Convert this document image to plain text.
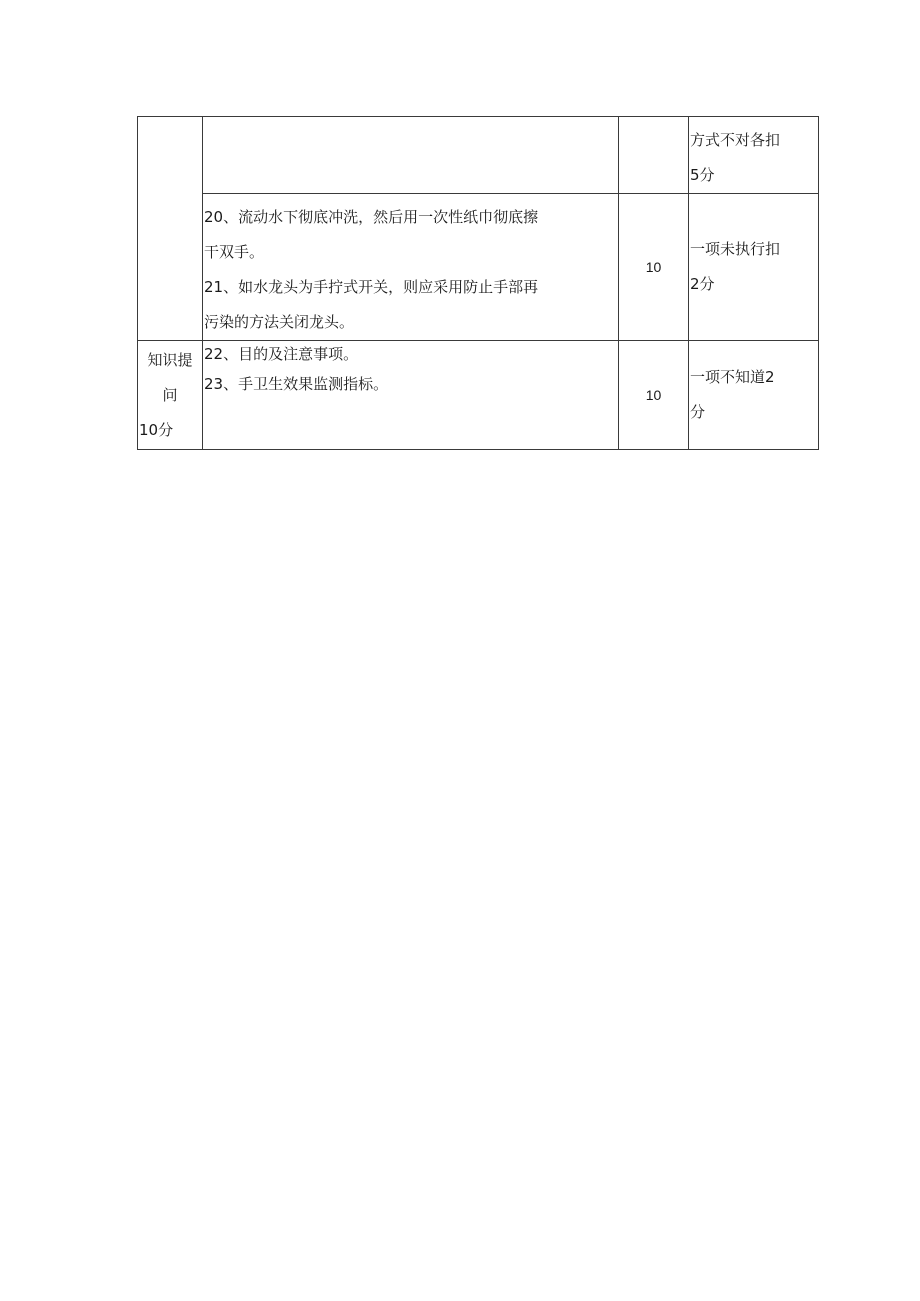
			方式不对各扣
5分

	20、流动水下彻底冲洗，然后用一次性纸巾彻底擦
干双手。
21、如水龙头为手拧式开关，则应采用防止手部再
污染的方法关闭龙头。	10	一项未执行扣
2分

知识提
问
10分	22、目的及注意事项。
23、手卫生效果监测指标。	10	一项不知道2
分
